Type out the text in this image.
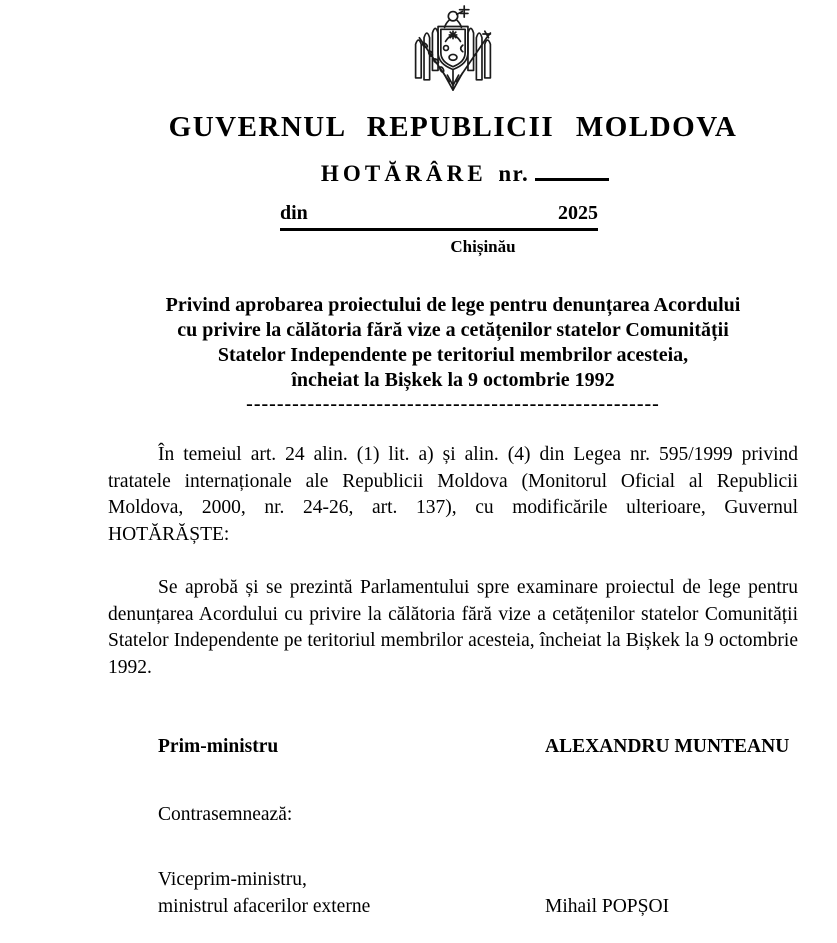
GUVERNUL REPUBLICII MOLDOVA
HOTĂRÂRE nr.
din	2025
Chișinău
Privind aprobarea proiectului de lege pentru denunțarea Acordului
cu privire la călătoria fără vize a cetățenilor statelor Comunității
Statelor Independente pe teritoriul membrilor acesteia,
încheiat la Bișkek la 9 octombrie 1992
------------------------------------------------------

În temeiul art. 24 alin. (1) lit. a) și alin. (4) din Legea nr. 595/1999 privind tratatele internaționale ale Republicii Moldova (Monitorul Oficial al Republicii Moldova, 2000, nr. 24-26, art. 137), cu modificările ulterioare, Guvernul HOTĂRĂȘTE:

Se aprobă și se prezintă Parlamentului spre examinare proiectul de lege pentru denunțarea Acordului cu privire la călătoria fără vize a cetățenilor statelor Comunității Statelor Independente pe teritoriul membrilor acesteia, încheiat la Bișkek la 9 octombrie 1992.

Prim-ministru	ALEXANDRU MUNTEANU
Contrasemnează:
Viceprim-ministru,
ministrul afacerilor externe	Mihail POPȘOI
